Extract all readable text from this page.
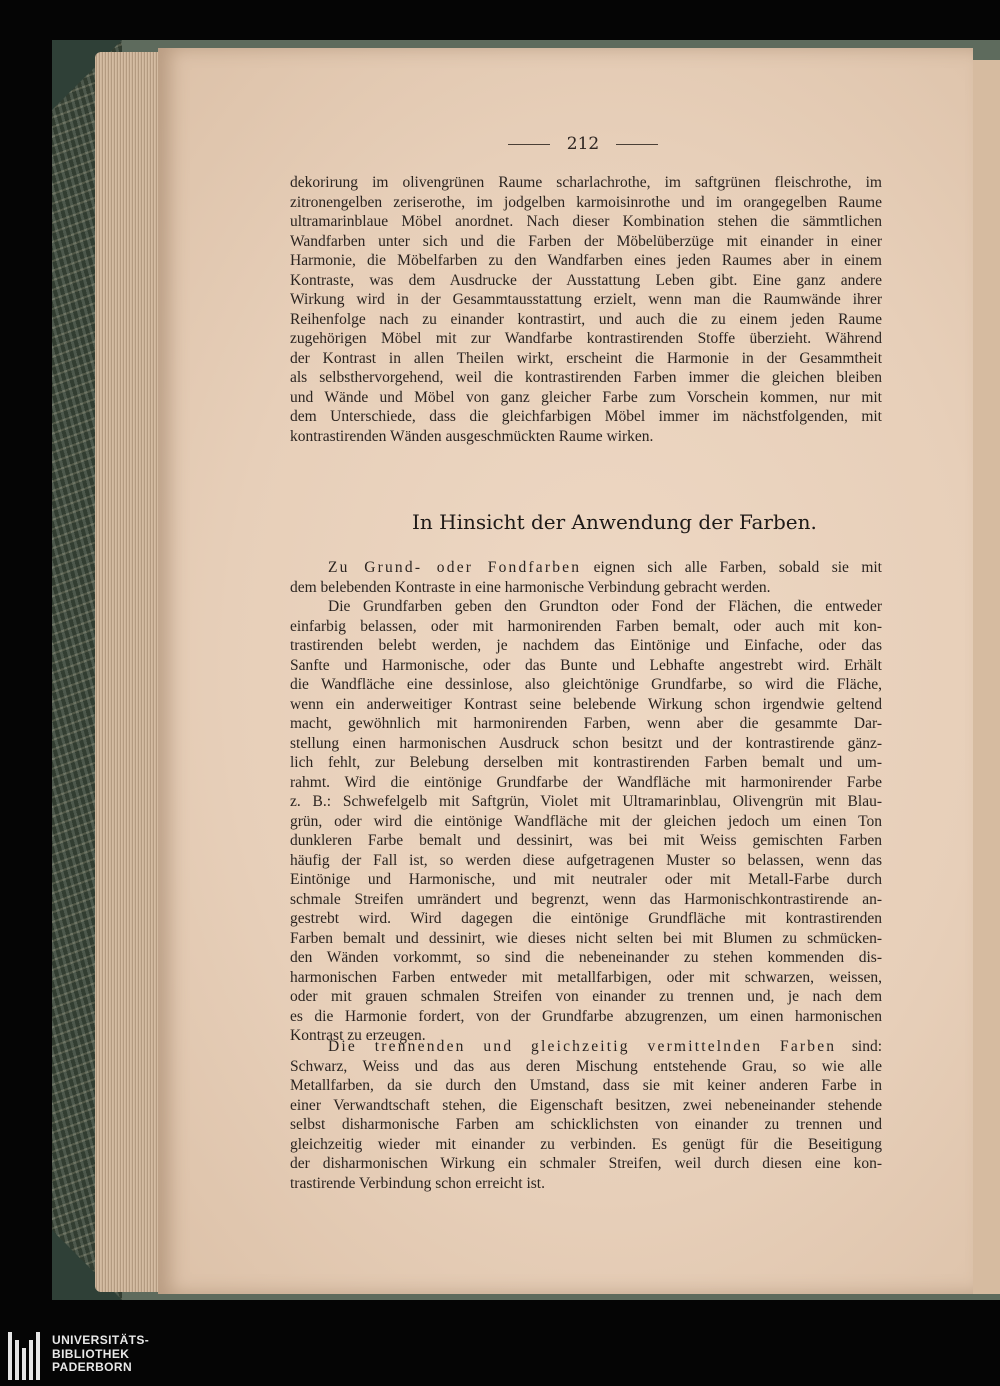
212
dekorirung im olivengrünen Raume scharlachrothe, im saftgrünen fleischrothe, im
zitronengelben zeriserothe, im jodgelben karmoisinrothe und im orangegelben Raume
ultramarinblaue Möbel anordnet. Nach dieser Kombination stehen die sämmtlichen
Wandfarben unter sich und die Farben der Möbelüberzüge mit einander in einer
Harmonie, die Möbelfarben zu den Wandfarben eines jeden Raumes aber in einem
Kontraste, was dem Ausdrucke der Ausstattung Leben gibt. Eine ganz andere
Wirkung wird in der Gesammtausstattung erzielt, wenn man die Raumwände ihrer
Reihenfolge nach zu einander kontrastirt, und auch die zu einem jeden Raume
zugehörigen Möbel mit zur Wandfarbe kontrastirenden Stoffe überzieht. Während
der Kontrast in allen Theilen wirkt, erscheint die Harmonie in der Gesammtheit
als selbsthervorgehend, weil die kontrastirenden Farben immer die gleichen bleiben
und Wände und Möbel von ganz gleicher Farbe zum Vorschein kommen, nur mit
dem Unterschiede, dass die gleichfarbigen Möbel immer im nächstfolgenden, mit
kontrastirenden Wänden ausgeschmückten Raume wirken.
In Hinsicht der Anwendung der Farben.
Zu Grund- oder Fondfarben eignen sich alle Farben, sobald sie mit
dem belebenden Kontraste in eine harmonische Verbindung gebracht werden.
Die Grundfarben geben den Grundton oder Fond der Flächen, die entweder
einfarbig belassen, oder mit harmonirenden Farben bemalt, oder auch mit kon-
trastirenden belebt werden, je nachdem das Eintönige und Einfache, oder das
Sanfte und Harmonische, oder das Bunte und Lebhafte angestrebt wird. Erhält
die Wandfläche eine dessinlose, also gleichtönige Grundfarbe, so wird die Fläche,
wenn ein anderweitiger Kontrast seine belebende Wirkung schon irgendwie geltend
macht, gewöhnlich mit harmonirenden Farben, wenn aber die gesammte Dar-
stellung einen harmonischen Ausdruck schon besitzt und der kontrastirende gänz-
lich fehlt, zur Belebung derselben mit kontrastirenden Farben bemalt und um-
rahmt. Wird die eintönige Grundfarbe der Wandfläche mit harmonirender Farbe
z. B.: Schwefelgelb mit Saftgrün, Violet mit Ultramarinblau, Olivengrün mit Blau-
grün, oder wird die eintönige Wandfläche mit der gleichen jedoch um einen Ton
dunkleren Farbe bemalt und dessinirt, was bei mit Weiss gemischten Farben
häufig der Fall ist, so werden diese aufgetragenen Muster so belassen, wenn das
Eintönige und Harmonische, und mit neutraler oder mit Metall-Farbe durch
schmale Streifen umrändert und begrenzt, wenn das Harmonischkontrastirende an-
gestrebt wird. Wird dagegen die eintönige Grundfläche mit kontrastirenden
Farben bemalt und dessinirt, wie dieses nicht selten bei mit Blumen zu schmücken-
den Wänden vorkommt, so sind die nebeneinander zu stehen kommenden dis-
harmonischen Farben entweder mit metallfarbigen, oder mit schwarzen, weissen,
oder mit grauen schmalen Streifen von einander zu trennen und, je nach dem
es die Harmonie fordert, von der Grundfarbe abzugrenzen, um einen harmonischen
Kontrast zu erzeugen.
Die trennenden und gleichzeitig vermittelnden Farben sind:
Schwarz, Weiss und das aus deren Mischung entstehende Grau, so wie alle
Metallfarben, da sie durch den Umstand, dass sie mit keiner anderen Farbe in
einer Verwandtschaft stehen, die Eigenschaft besitzen, zwei nebeneinander stehende
selbst disharmonische Farben am schicklichsten von einander zu trennen und
gleichzeitig wieder mit einander zu verbinden. Es genügt für die Beseitigung
der disharmonischen Wirkung ein schmaler Streifen, weil durch diesen eine kon-
trastirende Verbindung schon erreicht ist.
UNIVERSITÄTS-
BIBLIOTHEK
PADERBORN
